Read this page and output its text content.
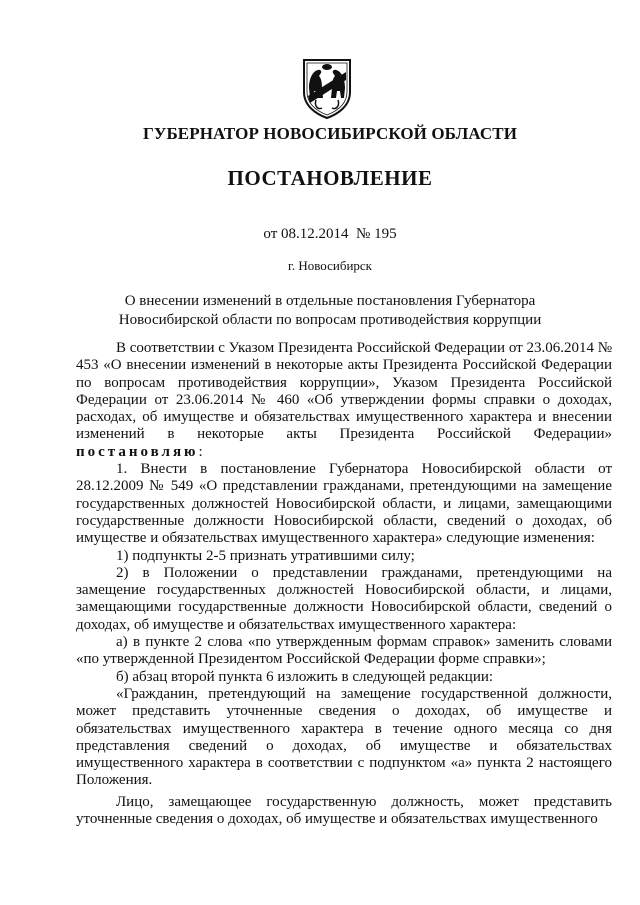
ГУБЕРНАТОР НОВОСИБИРСКОЙ ОБЛАСТИ
ПОСТАНОВЛЕНИЕ
от 08.12.2014  № 195
г. Новосибирск
О внесении изменений в отдельные постановления Губернатора
Новосибирской области по вопросам противодействия коррупции

В соответствии с Указом Президента Российской Федерации от 23.06.2014 № 453 «О внесении изменений в некоторые акты Президента Российской Федерации по вопросам противодействия коррупции», Указом Президента Российской Федерации от 23.06.2014 № 460 «Об утверждении формы справки о доходах, расходах, об имуществе и обязательствах имущественного характера и внесении изменений в некоторые акты Президента Российской Федерации» постановляю:

1. Внести в постановление Губернатора Новосибирской области от 28.12.2009 № 549 «О представлении гражданами, претендующими на замещение государственных должностей Новосибирской области, и лицами, замещающими государственные должности Новосибирской области, сведений о доходах, об имуществе и обязательствах имущественного характера» следующие изменения:

1) подпункты 2-5 признать утратившими силу;

2) в Положении о представлении гражданами, претендующими на замещение государственных должностей Новосибирской области, и лицами, замещающими государственные должности Новосибирской области, сведений о доходах, об имуществе и обязательствах имущественного характера:

а) в пункте 2 слова «по утвержденным формам справок» заменить словами «по утвержденной Президентом Российской Федерации форме справки»;

б) абзац второй пункта 6 изложить в следующей редакции:

«Гражданин, претендующий на замещение государственной должности, может представить уточненные сведения о доходах, об имуществе и обязательствах имущественного характера в течение одного месяца со дня представления сведений о доходах, об имуществе и обязательствах имущественного характера в соответствии с подпунктом «а» пункта 2 настоящего Положения.

Лицо, замещающее государственную должность, может представить уточненные сведения о доходах, об имуществе и обязательствах имущественного
